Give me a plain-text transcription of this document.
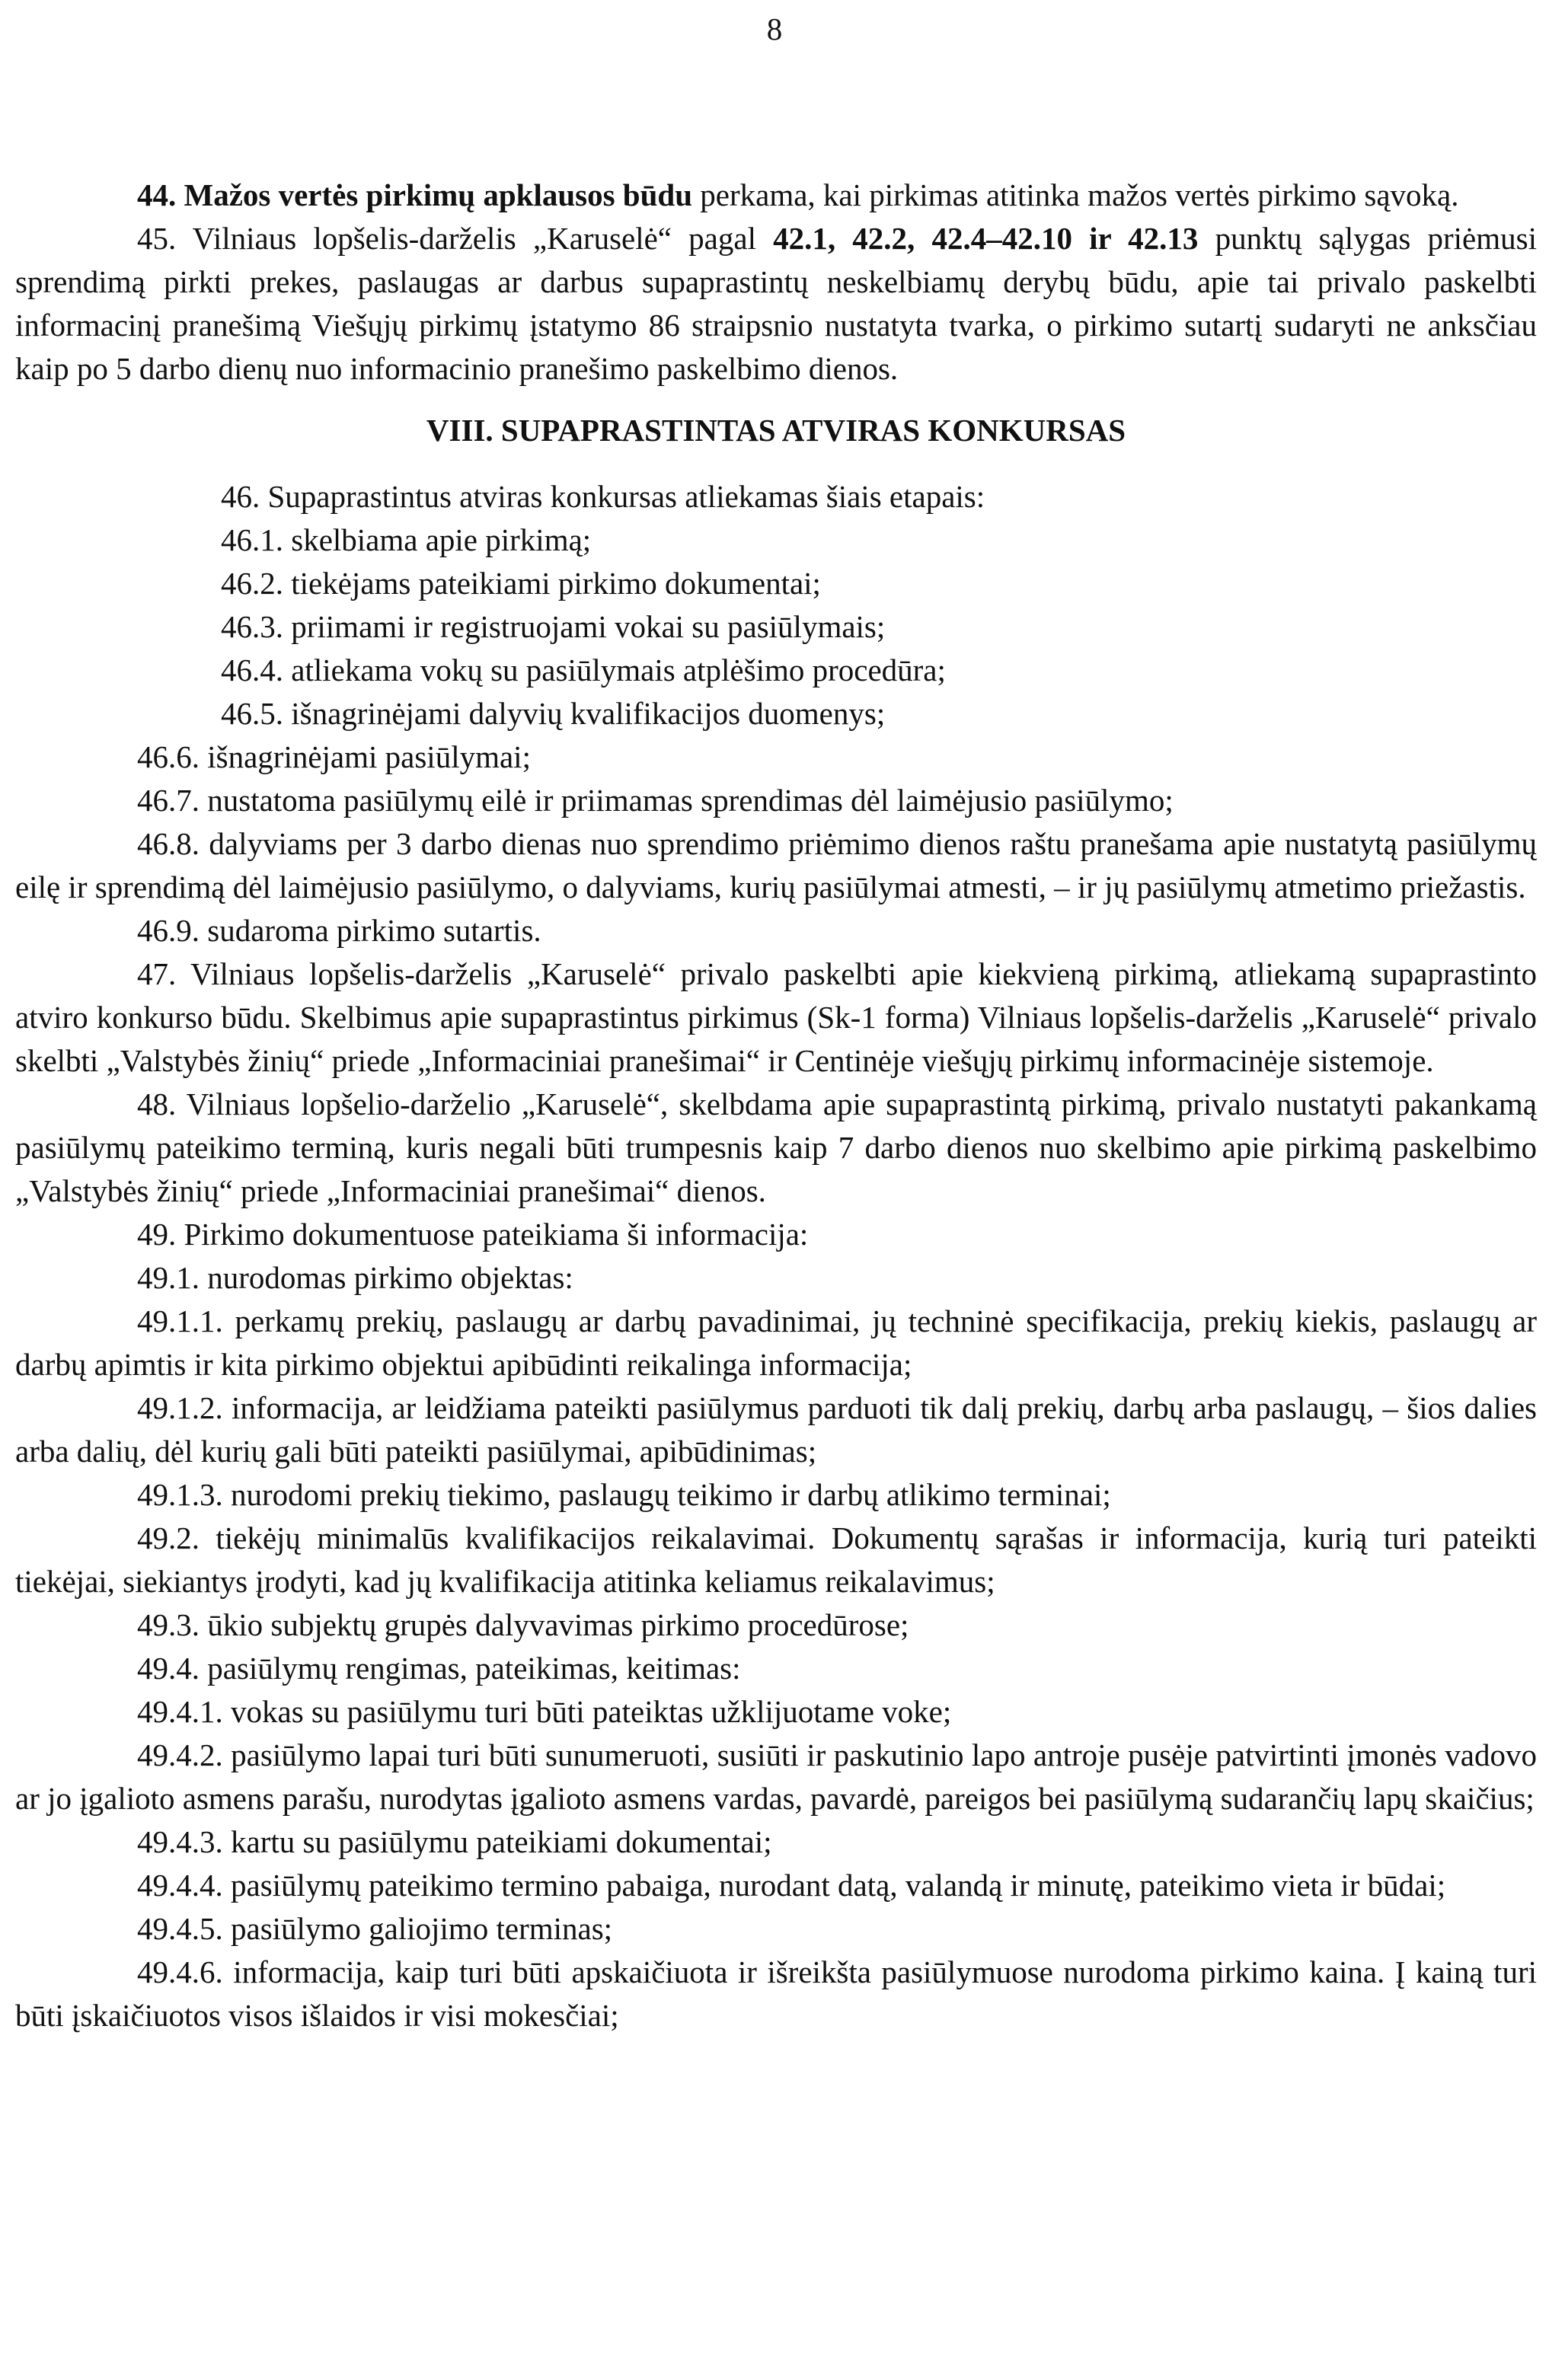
8

44. Mažos vertės pirkimų apklausos būdu perkama, kai pirkimas atitinka mažos vertės pirkimo sąvoką.

45. Vilniaus lopšelis-darželis „Karuselė“ pagal 42.1, 42.2, 42.4–42.10 ir 42.13 punktų sąlygas priėmusi sprendimą pirkti prekes, paslaugas ar darbus supaprastintų neskelbiamų derybų būdu, apie tai privalo paskelbti informacinį pranešimą Viešųjų pirkimų įstatymo 86 straipsnio nustatyta tvarka, o pirkimo sutartį sudaryti ne anksčiau kaip po 5 darbo dienų nuo informacinio pranešimo paskelbimo dienos.

VIII. SUPAPRASTINTAS ATVIRAS KONKURSAS

46. Supaprastintus atviras konkursas atliekamas šiais etapais:

46.1. skelbiama apie pirkimą;

46.2. tiekėjams pateikiami pirkimo dokumentai;

46.3. priimami ir registruojami vokai su pasiūlymais;

46.4. atliekama vokų su pasiūlymais atplėšimo procedūra;

46.5. išnagrinėjami dalyvių kvalifikacijos duomenys;

46.6. išnagrinėjami pasiūlymai;

46.7. nustatoma pasiūlymų eilė ir priimamas sprendimas dėl laimėjusio pasiūlymo;

46.8. dalyviams per 3 darbo dienas nuo sprendimo priėmimo dienos raštu pranešama apie nustatytą pasiūlymų eilę ir sprendimą dėl laimėjusio pasiūlymo, o dalyviams, kurių pasiūlymai atmesti, – ir jų pasiūlymų atmetimo priežastis.

46.9. sudaroma pirkimo sutartis.

47. Vilniaus lopšelis-darželis „Karuselė“ privalo paskelbti apie kiekvieną pirkimą, atliekamą supaprastinto atviro konkurso būdu. Skelbimus apie supaprastintus pirkimus (Sk-1 forma) Vilniaus lopšelis-darželis „Karuselė“ privalo skelbti „Valstybės žinių“ priede „Informaciniai pranešimai“ ir Centinėje viešųjų pirkimų informacinėje sistemoje.

48. Vilniaus lopšelio-darželio „Karuselė“, skelbdama apie supaprastintą pirkimą, privalo nustatyti pakankamą pasiūlymų pateikimo terminą, kuris negali būti trumpesnis kaip 7 darbo dienos nuo skelbimo apie pirkimą paskelbimo „Valstybės žinių“ priede „Informaciniai pranešimai“ dienos.

49. Pirkimo dokumentuose pateikiama ši informacija:

49.1. nurodomas pirkimo objektas:

49.1.1. perkamų prekių, paslaugų ar darbų pavadinimai, jų techninė specifikacija, prekių kiekis, paslaugų ar darbų apimtis ir kita pirkimo objektui apibūdinti reikalinga informacija;

49.1.2. informacija, ar leidžiama pateikti pasiūlymus parduoti tik dalį prekių, darbų arba paslaugų, – šios dalies arba dalių, dėl kurių gali būti pateikti pasiūlymai, apibūdinimas;

49.1.3. nurodomi prekių tiekimo, paslaugų teikimo ir darbų atlikimo terminai;

49.2. tiekėjų minimalūs kvalifikacijos reikalavimai. Dokumentų sąrašas ir informacija, kurią turi pateikti tiekėjai, siekiantys įrodyti, kad jų kvalifikacija atitinka keliamus reikalavimus;

49.3. ūkio subjektų grupės dalyvavimas pirkimo procedūrose;

49.4. pasiūlymų rengimas, pateikimas, keitimas:

49.4.1. vokas su pasiūlymu turi būti pateiktas užklijuotame voke;

49.4.2. pasiūlymo lapai turi būti sunumeruoti, susiūti ir paskutinio lapo antroje pusėje patvirtinti įmonės vadovo ar jo įgalioto asmens parašu, nurodytas įgalioto asmens vardas, pavardė, pareigos bei pasiūlymą sudarančių lapų skaičius;

49.4.3. kartu su pasiūlymu pateikiami dokumentai;

49.4.4. pasiūlymų pateikimo termino pabaiga, nurodant datą, valandą ir minutę, pateikimo vieta ir būdai;

49.4.5. pasiūlymo galiojimo terminas;

49.4.6. informacija, kaip turi būti apskaičiuota ir išreikšta pasiūlymuose nurodoma pirkimo kaina. Į kainą turi būti įskaičiuotos visos išlaidos ir visi mokesčiai;
